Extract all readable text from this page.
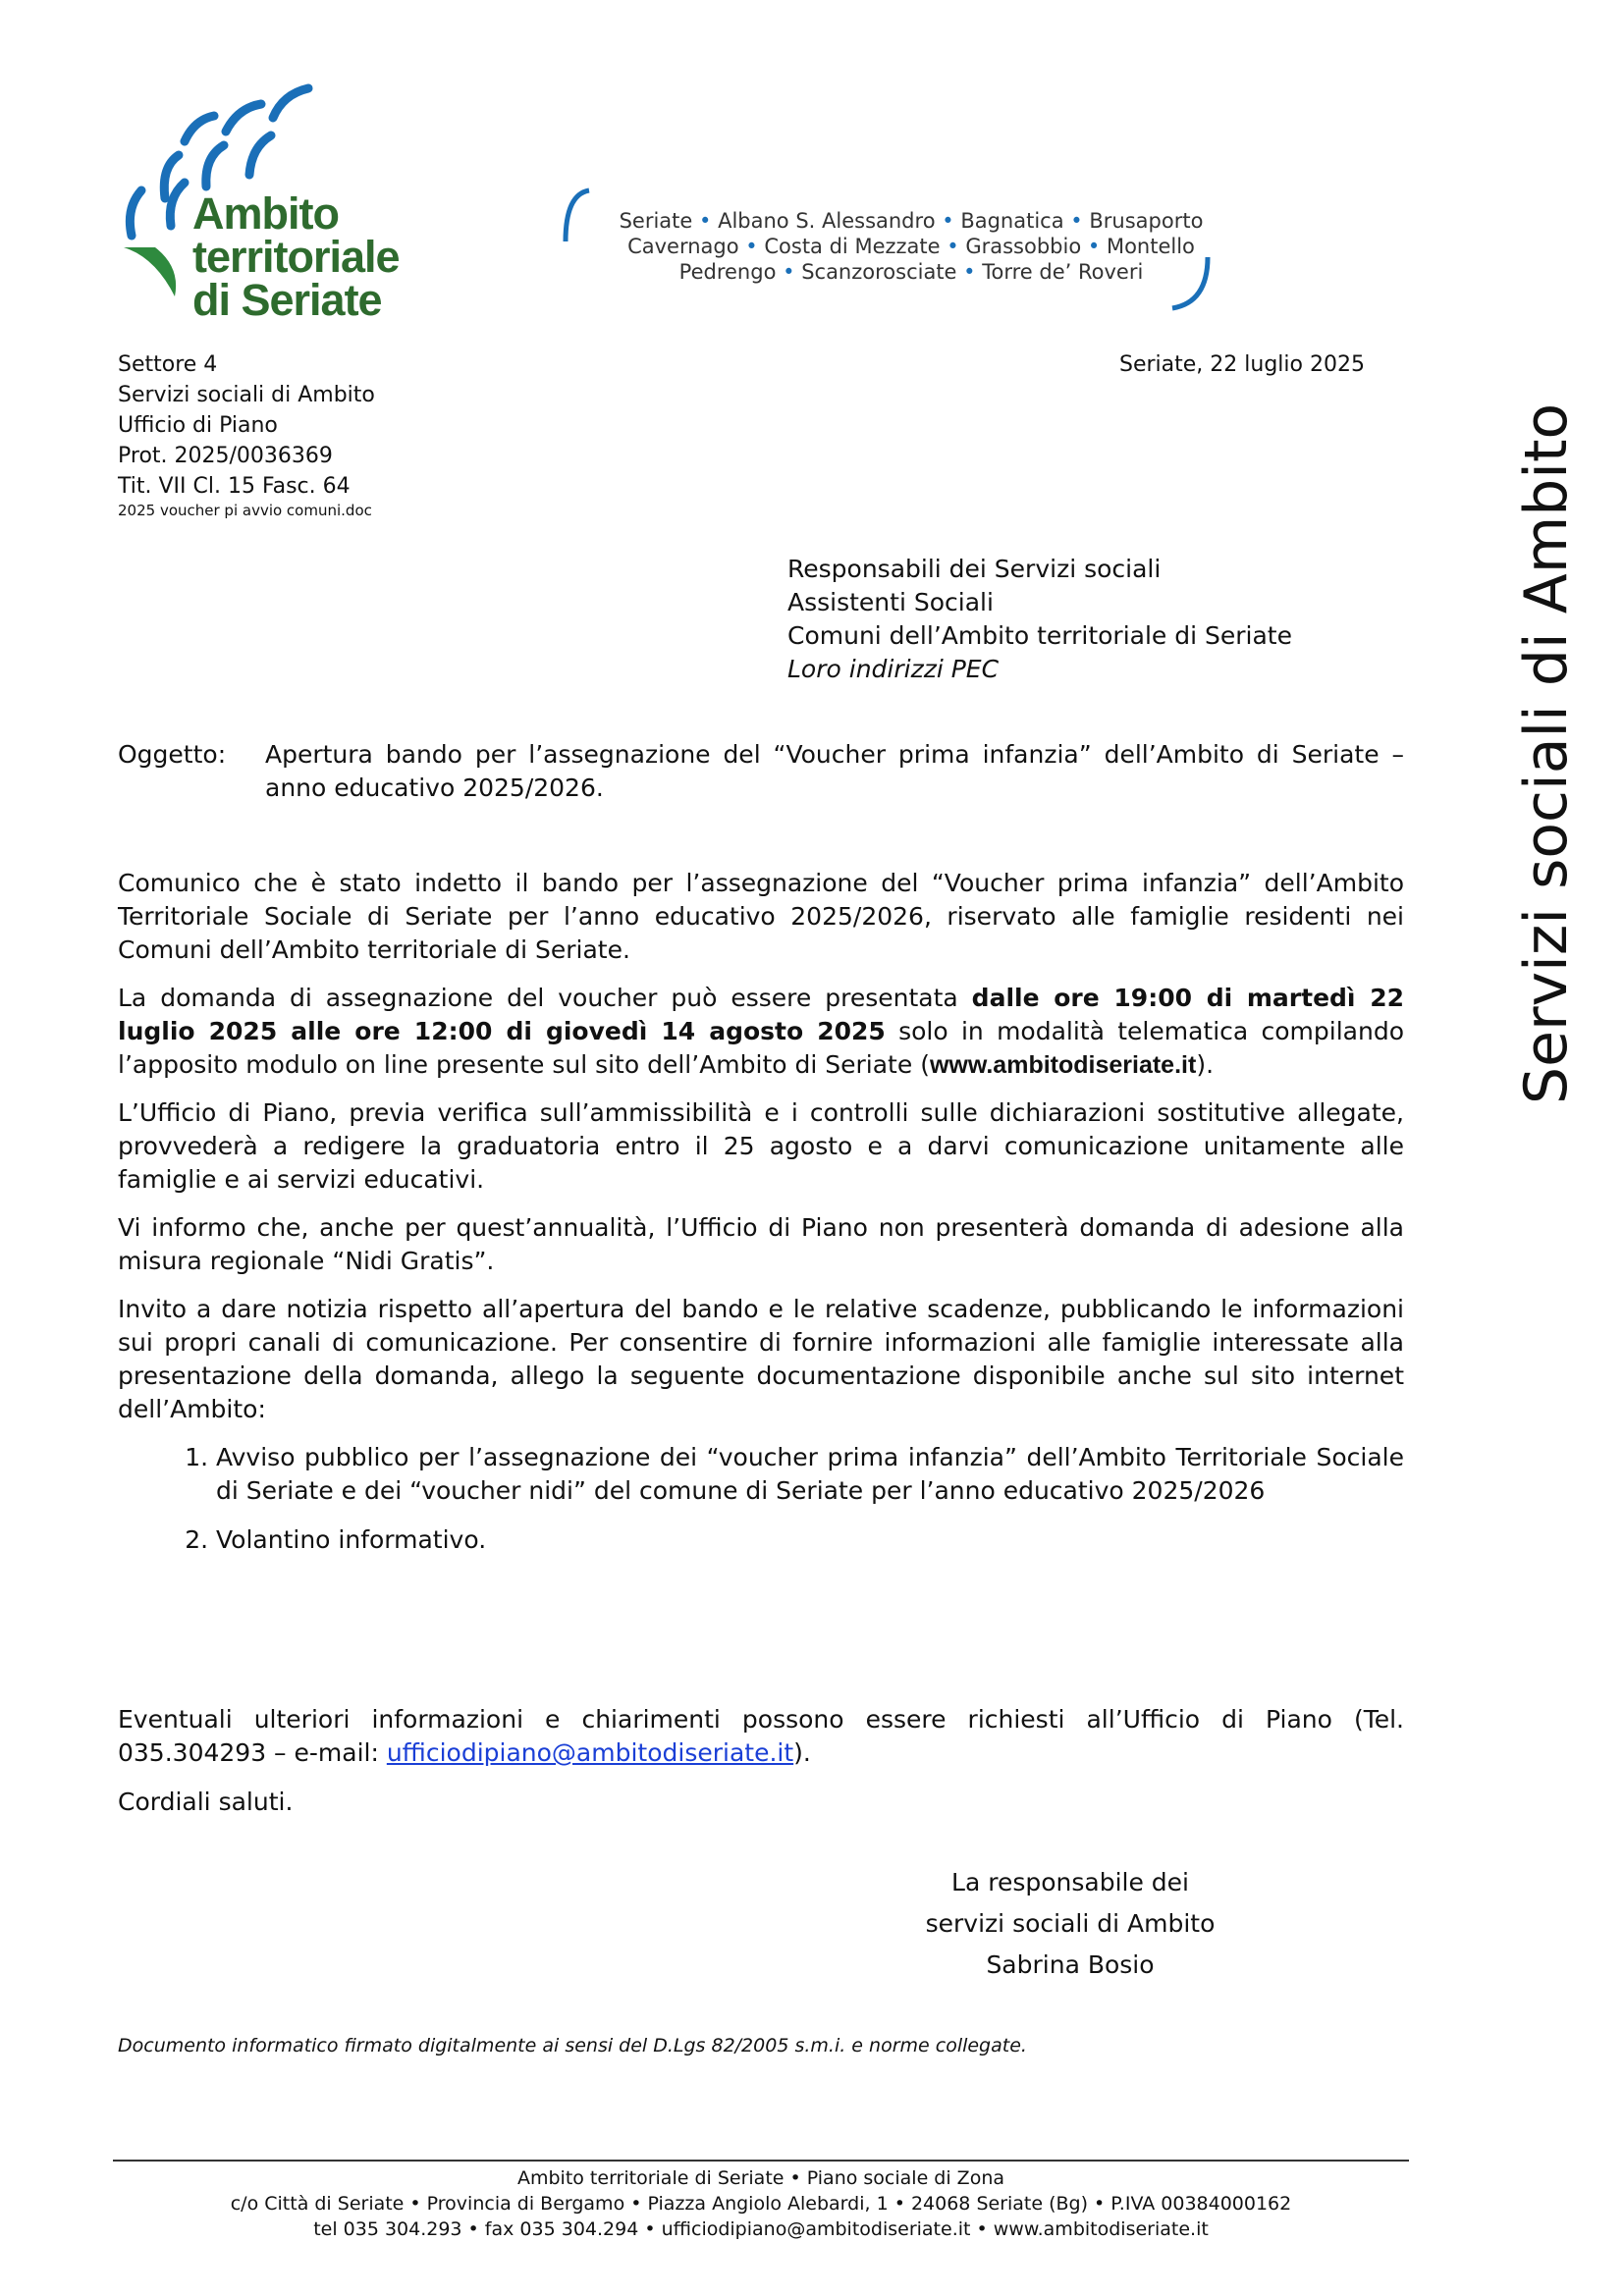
Ambito
territoriale
di Seriate
Seriate • Albano S. Alessandro • Bagnatica • Brusaporto
Cavernago • Costa di Mezzate • Grassobbio • Montello
Pedrengo • Scanzorosciate • Torre de’ Roveri
Settore 4
Servizi sociali di Ambito
Ufficio di Piano
Prot. 2025/0036369
Tit. VII Cl. 15 Fasc. 64
2025 voucher pi avvio comuni.doc
Seriate, 22 luglio 2025
Servizi sociali di Ambito
Responsabili dei Servizi sociali
Assistenti Sociali
Comuni dell’Ambito territoriale di Seriate
Loro indirizzi PEC
Oggetto:	Apertura bando per l’assegnazione del “Voucher prima infanzia” dell’Ambito di Seriate – anno educativo 2025/2026.

Comunico che è stato indetto il bando per l’assegnazione del “Voucher prima infanzia” dell’Ambito Territoriale Sociale di Seriate per l’anno educativo 2025/2026, riservato alle famiglie residenti nei Comuni dell’Ambito territoriale di Seriate.

La domanda di assegnazione del voucher può essere presentata dalle ore 19:00 di martedì 22 luglio 2025 alle ore 12:00 di giovedì 14 agosto 2025 solo in modalità telematica compilando l’apposito modulo on line presente sul sito dell’Ambito di Seriate (www.ambitodiseriate.it).

L’Ufficio di Piano, previa verifica sull’ammissibilità e i controlli sulle dichiarazioni sostitutive allegate, provvederà a redigere la graduatoria entro il 25 agosto e a darvi comunicazione unitamente alle famiglie e ai servizi educativi.

Vi informo che, anche per quest’annualità, l’Ufficio di Piano non presenterà domanda di adesione alla misura regionale “Nidi Gratis”.

Invito a dare notizia rispetto all’apertura del bando e le relative scadenze, pubblicando le informazioni sui propri canali di comunicazione. Per consentire di fornire informazioni alle famiglie interessate alla presentazione della domanda, allego la seguente documentazione disponibile anche sul sito internet dell’Ambito:

1. Avviso pubblico per l’assegnazione dei “voucher prima infanzia” dell’Ambito Territoriale Sociale di Seriate e dei “voucher nidi” del comune di Seriate per l’anno educativo 2025/2026
2. Volantino informativo.

Eventuali ulteriori informazioni e chiarimenti possono essere richiesti all’Ufficio di Piano (Tel. 035.304293 – e-mail: ufficiodipiano@ambitodiseriate.it).

Cordiali saluti.

La responsabile dei
servizi sociali di Ambito
Sabrina Bosio
Documento informatico firmato digitalmente ai sensi del D.Lgs 82/2005 s.m.i. e norme collegate.
Ambito territoriale di Seriate • Piano sociale di Zona
c/o Città di Seriate • Provincia di Bergamo • Piazza Angiolo Alebardi, 1 • 24068 Seriate (Bg) • P.IVA 00384000162
tel 035 304.293 • fax 035 304.294 • ufficiodipiano@ambitodiseriate.it • www.ambitodiseriate.it
